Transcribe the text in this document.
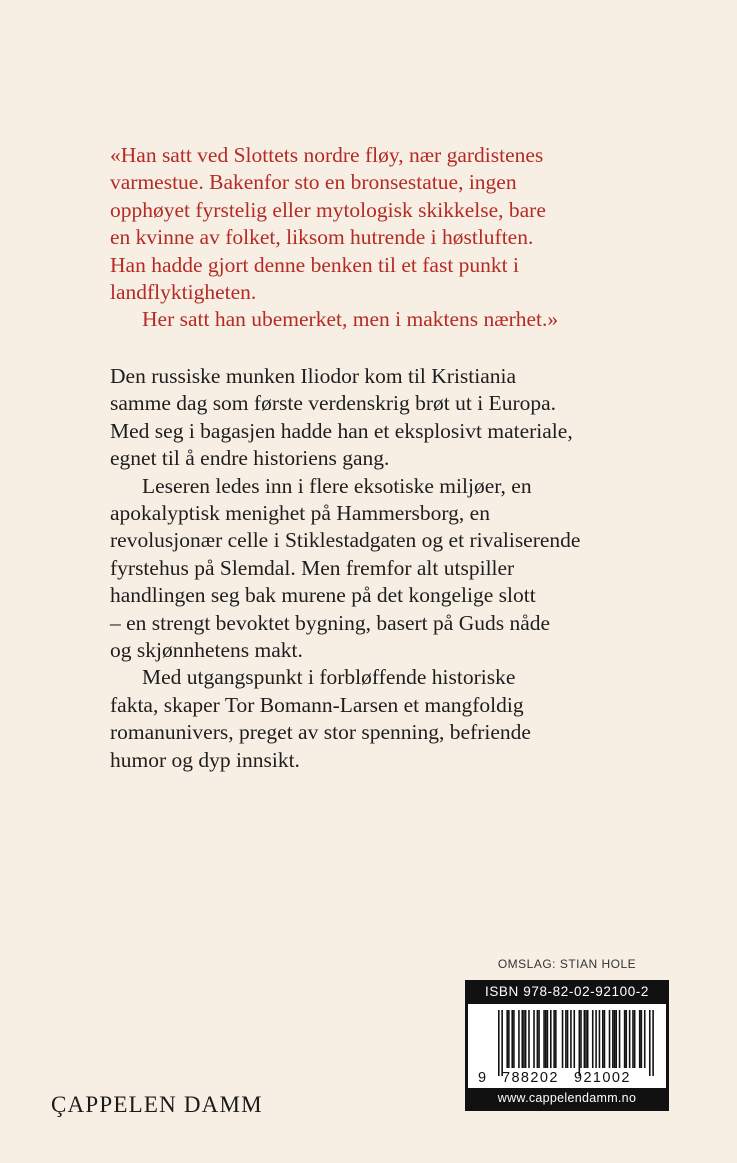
«Han satt ved Slottets nordre fløy, nær gardistenes
varmestue. Bakenfor sto en bronsestatue, ingen
opphøyet fyrstelig eller mytologisk skikkelse, bare
en kvinne av folket, liksom hutrende i høstluften.
Han hadde gjort denne benken til et fast punkt i
landflyktigheten.
Her satt han ubemerket, men i maktens nærhet.»
Den russiske munken Iliodor kom til Kristiania
samme dag som første verdenskrig brøt ut i Europa.
Med seg i bagasjen hadde han et eksplosivt materiale,
egnet til å endre historiens gang.
Leseren ledes inn i flere eksotiske miljøer, en
apokalyptisk menighet på Hammersborg, en
revolusjonær celle i Stiklestadgaten og et rivaliserende
fyrstehus på Slemdal. Men fremfor alt utspiller
handlingen seg bak murene på det kongelige slott
– en strengt bevoktet bygning, basert på Guds nåde
og skjønnhetens makt.
Med utgangspunkt i forbløffende historiske
fakta, skaper Tor Bomann-Larsen et mangfoldig
romanunivers, preget av stor spenning, befriende
humor og dyp innsikt.
OMSLAG: STIAN HOLE
ISBN 978-82-02-92100-2
9 788202 921002
www.cappelendamm.no
ÇAPPELEN DAMM
